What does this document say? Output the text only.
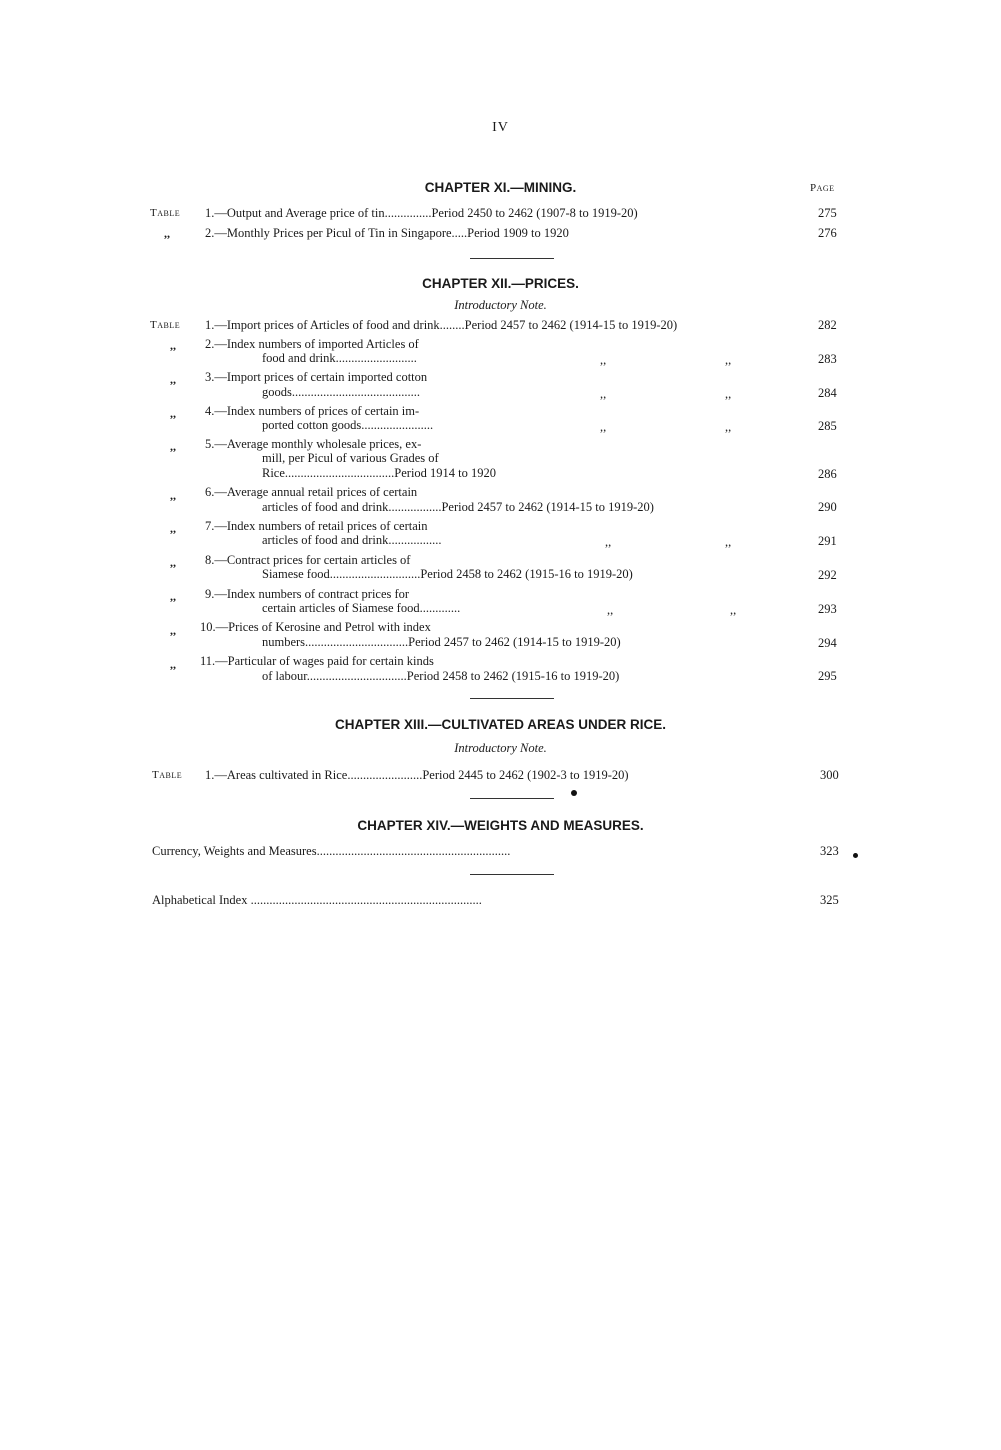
IV
CHAPTER XI.—MINING.	Page
Table 1.—Output and Average price of tin...............Period 2450 to 2462 (1907-8 to 1919-20)	275
,,	2.—Monthly Prices per Picul of Tin in Singapore.....Period 1909 to 1920	276
CHAPTER XII.—PRICES.
Introductory Note.
Table 1.—Import prices of Articles of food and drink........Period 2457 to 2462 (1914-15 to 1919-20)	282
,, 2.—Index numbers of imported Articles of
food and drink..........................	,,	,,	283
,, 3.—Import prices of certain imported cotton
goods.........................................	,,	,,	284
,, 4.—Index numbers of prices of certain im-
ported cotton goods.......................	,,	,,	285
,, 5.—Average monthly wholesale prices, ex-
mill, per Picul of various Grades of
Rice...................................Period 1914 to 1920	286
,, 6.—Average annual retail prices of certain
articles of food and drink.................Period 2457 to 2462 (1914-15 to 1919-20)	290
,, 7.—Index numbers of retail prices of certain
articles of food and drink.................	,,	,,	291
,, 8.—Contract prices for certain articles of
Siamese food.............................Period 2458 to 2462 (1915-16 to 1919-20)	292
,, 9.—Index numbers of contract prices for
certain articles of Siamese food.............	,,	,,	293
,, 10.—Prices of Kerosine and Petrol with index
numbers.................................Period 2457 to 2462 (1914-15 to 1919-20)	294
,, 11.—Particular of wages paid for certain kinds
of labour................................Period 2458 to 2462 (1915-16 to 1919-20)	295
CHAPTER XIII.—CULTIVATED AREAS UNDER RICE.
Introductory Note.
Table 1.—Areas cultivated in Rice........................Period 2445 to 2462 (1902-3 to 1919-20)	300
CHAPTER XIV.—WEIGHTS AND MEASURES.
Currency, Weights and Measures..............................................................	323
Alphabetical Index ..........................................................................	325
